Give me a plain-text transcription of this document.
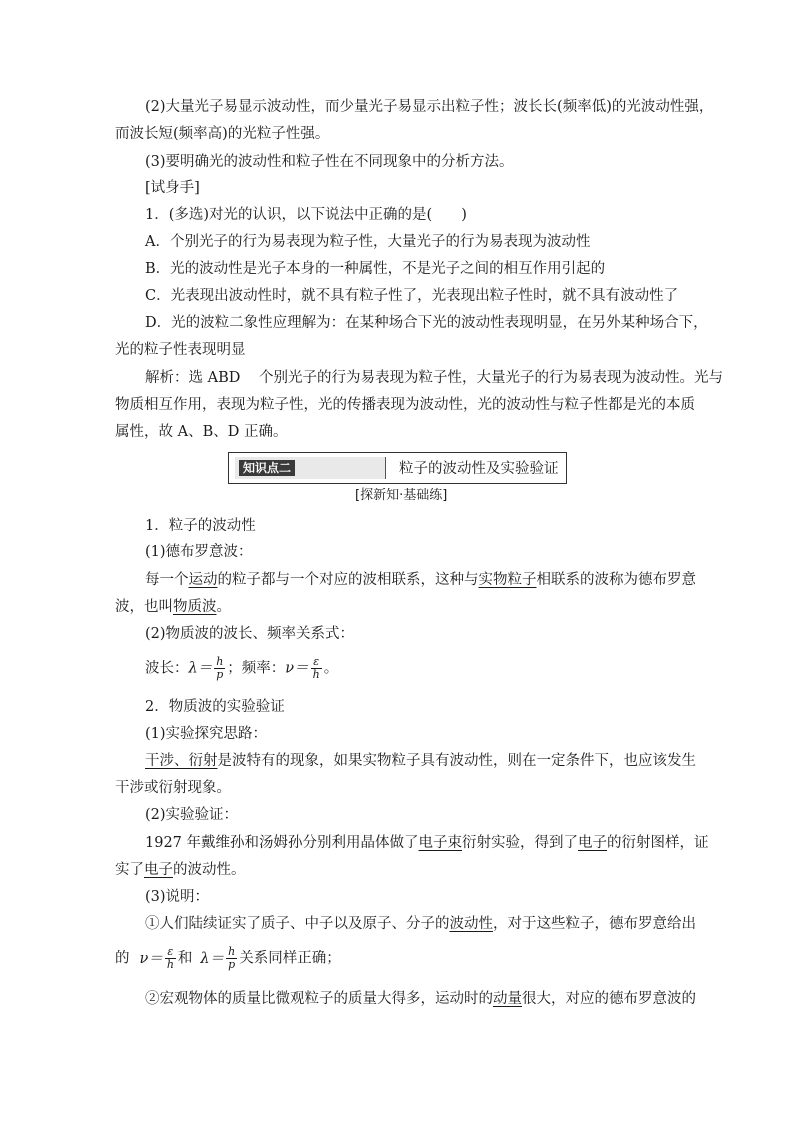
(2)大量光子易显示波动性，而少量光子易显示出粒子性；波长长(频率低)的光波动性强，
而波长短(频率高)的光粒子性强。
(3)要明确光的波动性和粒子性在不同现象中的分析方法。
[试身手]
1．(多选)对光的认识，以下说法中正确的是(　　)
A．个别光子的行为易表现为粒子性，大量光子的行为易表现为波动性
B．光的波动性是光子本身的一种属性，不是光子之间的相互作用引起的
C．光表现出波动性时，就不具有粒子性了，光表现出粒子性时，就不具有波动性了
D．光的波粒二象性应理解为：在某种场合下光的波动性表现明显，在另外某种场合下，
光的粒子性表现明显
解析：选 ABD 个别光子的行为易表现为粒子性，大量光子的行为易表现为波动性。光与
物质相互作用，表现为粒子性，光的传播表现为波动性，光的波动性与粒子性都是光的本质
属性，故 A、B、D 正确。
知识点二	粒子的波动性及实验验证
[探新知·基础练]
1．粒子的波动性
(1)德布罗意波：
每一个运动的粒子都与一个对应的波相联系，这种与实物粒子相联系的波称为德布罗意
波，也叫物质波。
(2)物质波的波长、频率关系式：
波长：$\lambda= \frac{h}{p}$ ；频率：$\nu= \frac{\varepsilon}{h}$ 。
2．物质波的实验验证
(1)实验探究思路：
干涉、衍射是波特有的现象，如果实物粒子具有波动性，则在一定条件下，也应该发生
干涉或衍射现象。
(2)实验验证：
1927 年戴维孙和汤姆孙分别利用晶体做了电子束衍射实验，得到了电子的衍射图样，证
实了电子的波动性。
(3)说明：
①人们陆续证实了质子、中子以及原子、分子的波动性，对于这些粒子，德布罗意给出
的 $\nu= \frac{\varepsilon}{h}$ 和 $\lambda= \frac{h}{p}$ 关系同样正确；
②宏观物体的质量比微观粒子的质量大得多，运动时的动量很大，对应的德布罗意波的
